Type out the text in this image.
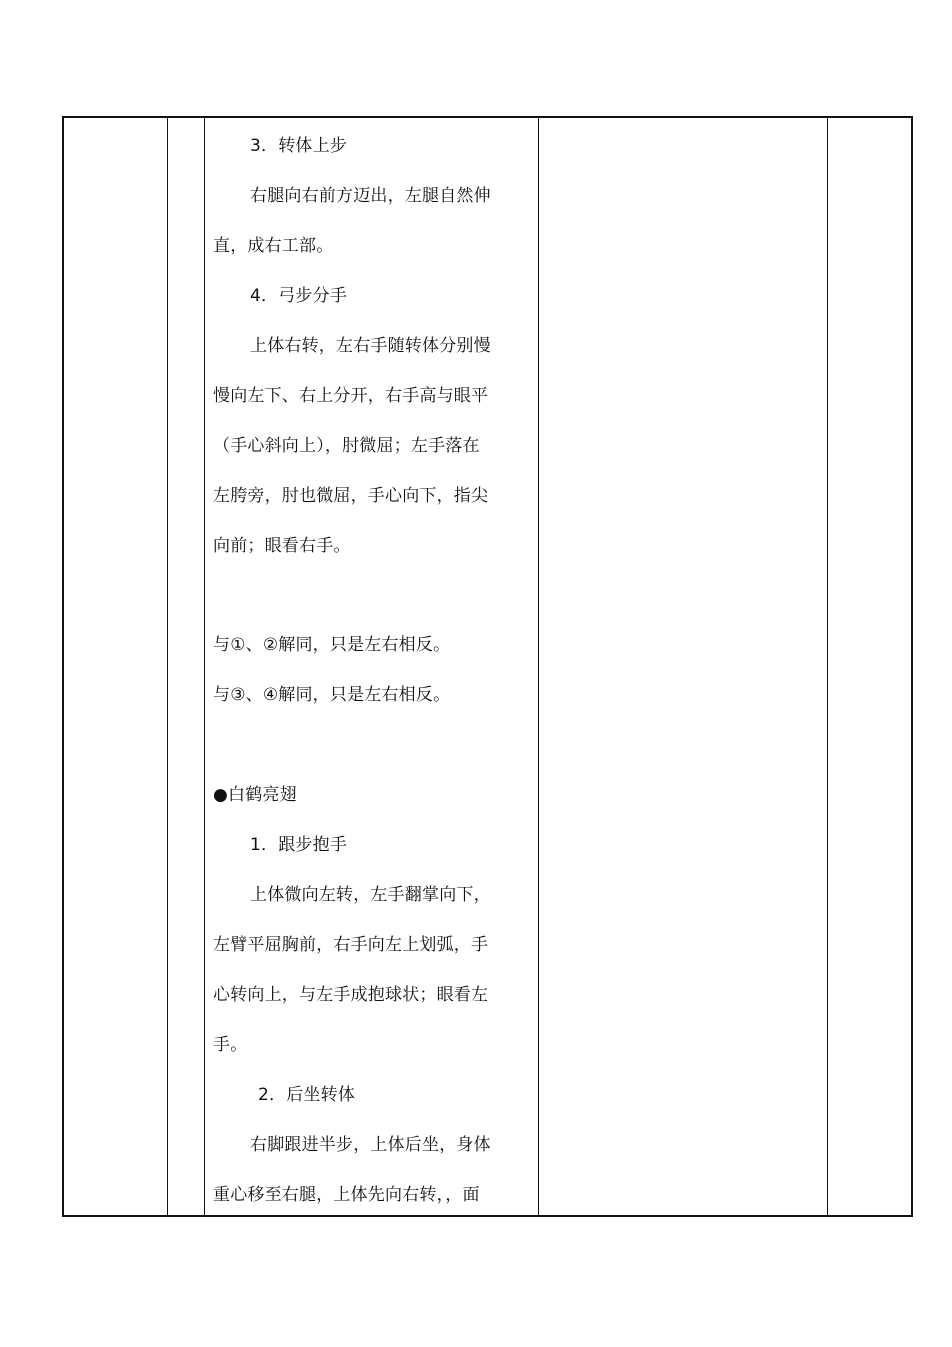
3．转体上步
右腿向右前方迈出，左腿自然伸
直，成右工部。
4．弓步分手
上体右转，左右手随转体分别慢
慢向左下、右上分开，右手高与眼平
（手心斜向上），肘微屈；左手落在
左胯旁，肘也微屈，手心向下，指尖
向前；眼看右手。
与①、②解同，只是左右相反。
与③、④解同，只是左右相反。
●白鹤亮翅
1．跟步抱手
上体微向左转，左手翻掌向下，
左臂平屈胸前，右手向左上划弧，手
心转向上，与左手成抱球状；眼看左
手。
2．后坐转体
右脚跟进半步，上体后坐，身体
重心移至右腿，上体先向右转，，面
